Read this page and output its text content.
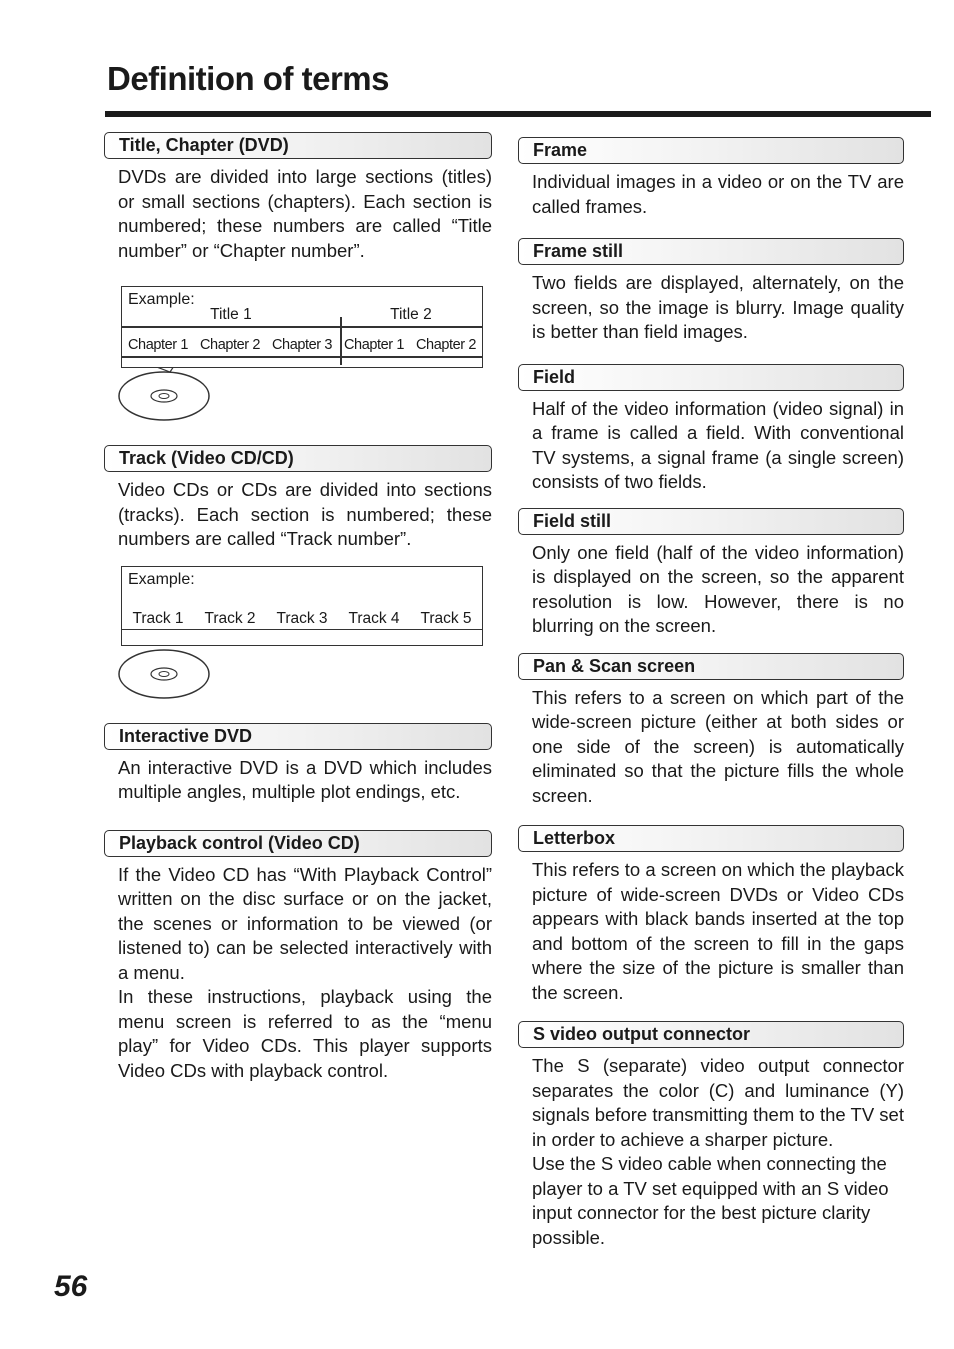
Definition of terms
Title, Chapter (DVD)
DVDs are divided into large sections (titles) or small sections (chapters). Each section is numbered; these numbers are called “Title number” or “Chapter number”.
Example:
Title 1	Title 2
Chapter 1 Chapter 2 Chapter 3 Chapter 1 Chapter 2
Track (Video CD/CD)
Video CDs or CDs are divided into sections (tracks). Each section is numbered; these numbers are called “Track number”.
Example:
Track 1	Track 2	Track 3	Track 4	Track 5
Interactive DVD
An interactive DVD is a DVD which includes multiple angles, multiple plot endings, etc.
Playback control (Video CD)
If the Video CD has “With Playback Control” written on the disc surface or on the jacket, the scenes or information to be viewed (or listened to) can be selected interactively with a menu.
In these instructions, playback using the menu screen is referred to as the “menu play” for Video CDs. This player supports Video CDs with playback control.
Frame
Individual images in a video or on the TV are called frames.
Frame still
Two fields are displayed, alternately, on the screen, so the image is blurry. Image quality is better than field images.
Field
Half of the video information (video signal) in a frame is called a field. With conventional TV systems, a signal frame (a single screen) consists of two fields.
Field still
Only one field (half of the video information) is displayed on the screen, so the apparent resolution is low. However, there is no blurring on the screen.
Pan & Scan screen
This refers to a screen on which part of the wide-screen picture (either at both sides or one side of the screen) is automatically eliminated so that the picture fills the whole screen.
Letterbox
This refers to a screen on which the playback picture of wide-screen DVDs or Video CDs appears with black bands inserted at the top and bottom of the screen to fill in the gaps where the size of the picture is smaller than the screen.
S video output connector
The S (separate) video output connector separates the color (C) and luminance (Y) signals before transmitting them to the TV set in order to achieve a sharper picture.
Use the S video cable when connecting the player to a TV set equipped with an S video input connector for the best picture clarity possible.
56
